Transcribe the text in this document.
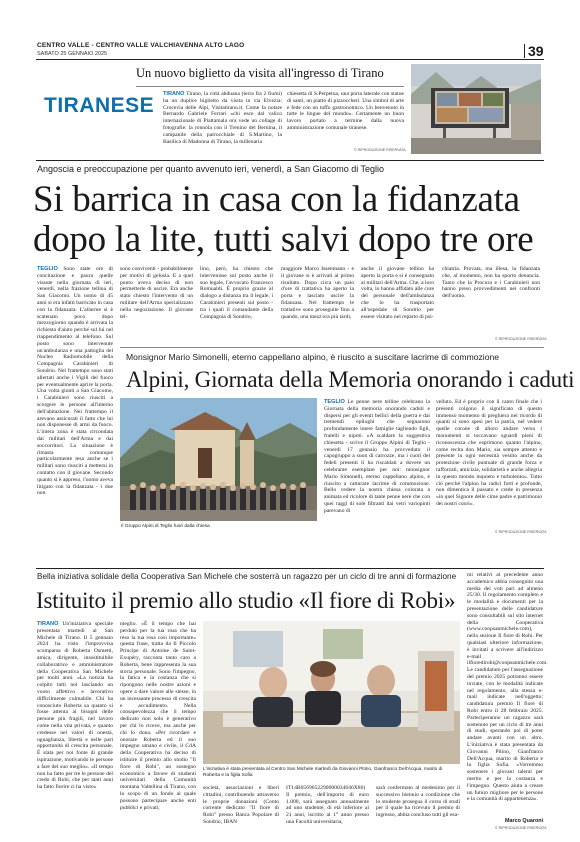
CENTRO VALLE - CENTRO VALLE VALCHIAVENNA ALTO LAGO
SABATO 25 GENNAIO 2025	39
TIRANESE
Un nuovo biglietto da visita all'ingresso di Tirano
TIRANO Tirano, la città abduana (terra fra 2 fiumi) ha un duplice biglietto da visita in via Elvezia: Crocevia delle Alpi, Visitatirano.it. Come fa notare Bernardo Gabriele Ferrari «chi esce dal valico internazionale di Piattamala ora vede un collage di fotografie: la ronnola con il Trenino del Bernina, il campanile della parrocchiale di S.Martino, la Basilica di Madonna di Tirano, la millenaria
chiesetta di S.Perpetua, una porta laterale con statue di santi, un piatto di pizzoccheri. Una simbol di arte e fede con un tuffo gastronomico. Un benvenuto in tutte le lingue del mondo». Certamente un buon lavoro portato a termine dalla nuova amministrazione comunale tiranese.
© RIPRODUZIONE RISERVATA
Angoscia e preoccupazione per quanto avvenuto ieri, venerdì, a San Giacomo di Teglio
Si barrica in casa con la fidanzata
dopo la lite, tutti salvi dopo tre ore
TEGLIO Sono state ore di concitazione e paura quelle vissute nella giornata di ieri, venerdì, nella frazione tellina di San Giacomo. Un uomo di 45 anni si era infatti barricato in casa con la fidanzata. L'allarme si è scatenato poco dopo mezzogiorno quando è arrivata la richiesta d'aiuto perché sul lui nel riappendimento al telefono. Sul posto sono intervenute un'ambulanza e una pattuglia del Nucleo Radiomobile della Compagnia Carabinieri di Sondrio. Nel frattempo sono stati allertati anche i Vigili del fuoco per eventualmente aprire la porta. Una volta giunti a San Giacomo, i Carabinieri sono riusciti a scorgere le persone all'interno dell'abitazione. Nei frattempo il arevano assicurati il fatto che lui non disponesse di armi da fuoco. L'intera zona è stata circondata dai militari dell'Arma e dai soccorritori. La situazione è rimasta comunque particolarmente tesa anche se i militari sono riusciti a mettersi in contatto con il giovane. Secondo quanto si è appreso, l'uomo aveva litigato con la fidanzata - i due non
sono conviventi - probabilmente per motivi di gelosia. E a quel punto aveva deciso di non permetterle di uscire. Era anche stato chiesto l'intervento di un militare dell'Arma specializzato nella negoziazione. Il giovane tel-
lino, però, ha chiesto che intervenisse sul posto anche il suo legale, l'avvocato Francesco Romualdi. È proprio grazie al dialogo a distanza tra il legale, i Carabinieri presenti sul posto - tra i quali il comandante della Compagnia di Sondrio,
maggiore Marco Issenmann - e il giovane si è arrivati al primo risultato. Dopo circa un paio d'ore di trattativa ha aperto la porta e lasciato uscire la fidanzata. Nel frattempo le trattative sono proseguite fino a quando, una mezz'ora più tardi,
anche il giovane tellino ha aperto la porta e si è consegnato ai militari dell'Arma. Che, a loro volta, lo hanno affidato alle cure del personale dell'ambulanza che lo ha trasportato all'ospedale di Sondrio per essere visitato nel reparto di psi-
chiatria. Provata, ma illesa, la fidanzata che, al momento, non ha sporto denuncia. Tanto che la Procura e i Carabinieri non hanno preso provvedimenti nei confronti dell'uomo.
© RIPRODUZIONE RISERVATA
Monsignor Mario Simonelli, eterno cappellano alpino, è riuscito a suscitare lacrime di commozione
Alpini, Giornata della Memoria onorando i caduti
Il Gruppo Alpini di Teglio fuori dalla chiesa
TEGLIO Le penne nere telline celebrano la Giornata della memoria onorando caduti e dispersi per gli eventi bellici della guerra e dai tremendi epiloghi che segnarono profondamente intere famiglie tagliendo figli, fratelli e nipoti. «A scaldare la suggestiva chiesetta - scrive il Gruppo Alpini di Teglio - venerdì 17 gennaio ha provveduto il capogruppo a suon di carrozze, ma i cuori dei fedeli presenti li ha riscaldati a dovere un celebrante esemplare per noi: monsignor Mario Simonelli, eterno cappellano alpino, è riuscito a catturare lacrime di commozione. Bello vedere la nostra chiesa colorata a animata ed ricolore di tante penne nere che con quei raggi di sole filtranti dai vetri variopinti parevano di
velluto. Ed è proprio con il canto finale che i presenti colgono il significato di questo immenso momento di preghiera nel ricordo di quanti si sono spesi per la patria, nel vedere quelle corone di alloro andare verso i monumenti si toccavano sguardi pieni di riconoscenza che esprimono quanto l'alpino, come recita don Mario, sia sempre attento e presente in ogni necessità vestito anche da protezione civile puntuale di grande forza e rafforzati, amicizia, solidarietà e anche allegria in questo mondo inquieto e turbolento». Tutto ciò perché l'alpino ha radici forti e profonde, non dimentica il passato e crede in presenza «in quel Signore delle cime padre e patrimonio dei nostri cuori».
© RIPRODUZIONE RISERVATA
Bella iniziativa solidale della Cooperativa San Michele che sosterrà un ragazzo per un ciclo di tre anni di formazione
Istituito il premio allo studio «Il fiore di Robi»
TIRANO Un'iniziativa speciale presentata martedì al San Michele di Tirano. Il 5 gennaio 2024 ha visto l'improvvisa scomparsa di Roberta Osmetti, amica, dirigente, insostituibile collaboratrice e amministratore della Cooperativa San Michele per molti anni. «La notizia ha colpito tutti noi lasciando un vuoto affettivo e lavorativo difficilmente colmabile. Chi ha conosciuto Roberta sa quanto si fosse attenta ai bisogni delle persone più fragili, nel lavoro come nella vita privata, e quanto credesse nel valori di onestà, uguaglianza, libertà e nelle pari opportunità di crescita personale. È stata per noi fonte di grande ispirazione, motivando le persone a fare del suo meglio». «Il tempo non ha fatto per tre le persone del credo di Robi, che per tanti anni ha fatto fiorire ci ha visto»
meglio. «È il tempo che hai perduto per la tua rosa che ha reso la tua rosa così importante» questa frase, tratta da Il Piccolo Principe di Antoine de Saint-Exupéry, racconta tanto caro a Roberta, bene rappresenta la sua storia personale. Sono l'impegno, la fatica e la costanza che si ripongono nelle nostre azioni e opere a dare valore alle stesse, in un incessante processo di crescita e accudimento. Nella consapevolezza che il tempo dedicato non solo è generativo per chi lo riceve, ma anche per chi lo dona. «Per ricordare e onorare Roberta ed il suo impegno umano e civile, il CdA della Cooperativa ha deciso di istituire il premio allo studio "Il fiore di Robi", un sostegno economico a favore di studenti universitari della Comunità montana Valtellina di Tirano, con lo scopo di un fondo al quale possono partecipare anche enti pubblici e privati,
L'iniziativa è stata presentata al Centro San Michele martedì da Giovanni Pitino, Gianfranco Dell'Acqua, marito di Roberta e la figlia Sofia
società, associazioni e liberi cittadini, contribuendo attraverso le proprie donazioni (Conto corrente dedicato "Il fiore di Robi" presso Banca Popolare di Sondrio, IBAN
IT14B0569652290000034646X86) Il premio, dell'importo di euro 1.000, sarà assegnato annualmente ad uno studente, di età inferiore ai 21 anni, iscritto al 1° anno presso una Facoltà universitaria,
sarà confermato al medesimo per il successivo biennio a condizione che lo studente prosegua il corso di studi per il quale ha ricevuto il premio di ingresso, abbia concluso tutti gli esa-
mi relativi al precedente anno accademico abbia conseguito una media dei voti pari ad almeno 25/30. Il regolamento completo e le modalità e documenti per la presentazione delle candidature sono consultabili sul sito internet della Cooperativa (www.coopsanmichele.com), nella sezione Il fiore di Robi. Per qualsiasi ulteriore informazione, è invitati a scrivere all'indirizzo e-mail ilfioredirobi@coopsanmichele.com. Le candidature per l'assegnazione del premio 2025 potranno essere inviate, con le modalità indicate nel regolamento, alla stessa e-mail indicate nell'oggetto: candidatura premio Il fiore di Robi entro il 28 febbraio 2025. Parteciperanno un ragazzo sarà sostenuto per un ciclo di tre anni di studi, sperando poi di poter andare avanti con un altro. L'iniziativa è stata presentata da Giovanni Pitino, Gianfranco Dell'Acqua, marito di Roberta e la figlia Sofia. «Vorremmo sostenere i giovani talenti per merito e per la costanza e l'impegno. Questo aiuta a creare un futuro migliore per le persone e la comunità di appartenenza».
Marco Quaroni
© RIPRODUZIONE RISERVATA
